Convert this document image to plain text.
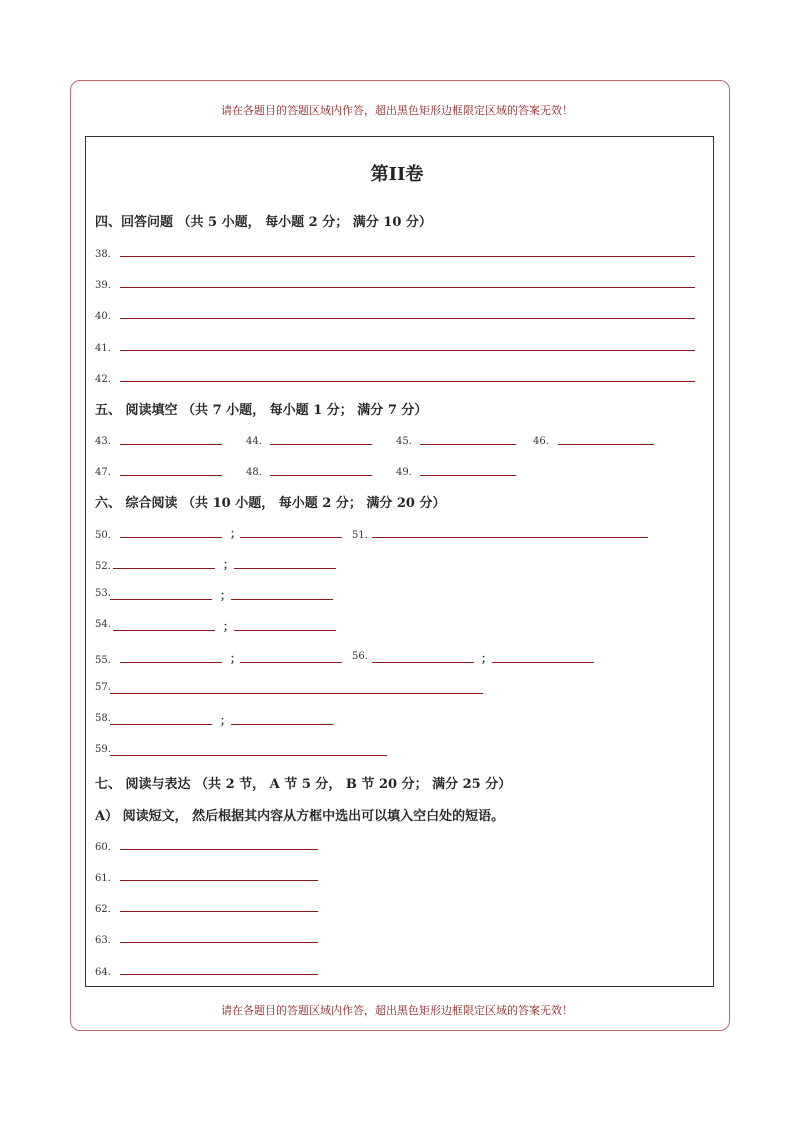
请在各题目的答题区域内作答，超出黑色矩形边框限定区域的答案无效！
请在各题目的答题区域内作答，超出黑色矩形边框限定区域的答案无效！
第II卷
四、回答问题 （共 5 小题， 每小题 2 分； 满分 10 分）
38．
39．
40．
41．
42．
五、 阅读填空 （共 7 小题， 每小题 1 分； 满分 7 分）
43．	44．	45．	46．
47．	48．	49．
六、 综合阅读 （共 10 小题， 每小题 2 分； 满分 20 分）
50．	；	51．
52．	；
53.	；
54.	；
55．	；	56.	；
57.
58.	；
59.
七、 阅读与表达 （共 2 节， A 节 5 分， B 节 20 分； 满分 25 分）
A） 阅读短文， 然后根据其内容从方框中选出可以填入空白处的短语。
60．
61．
62．
63．
64．
